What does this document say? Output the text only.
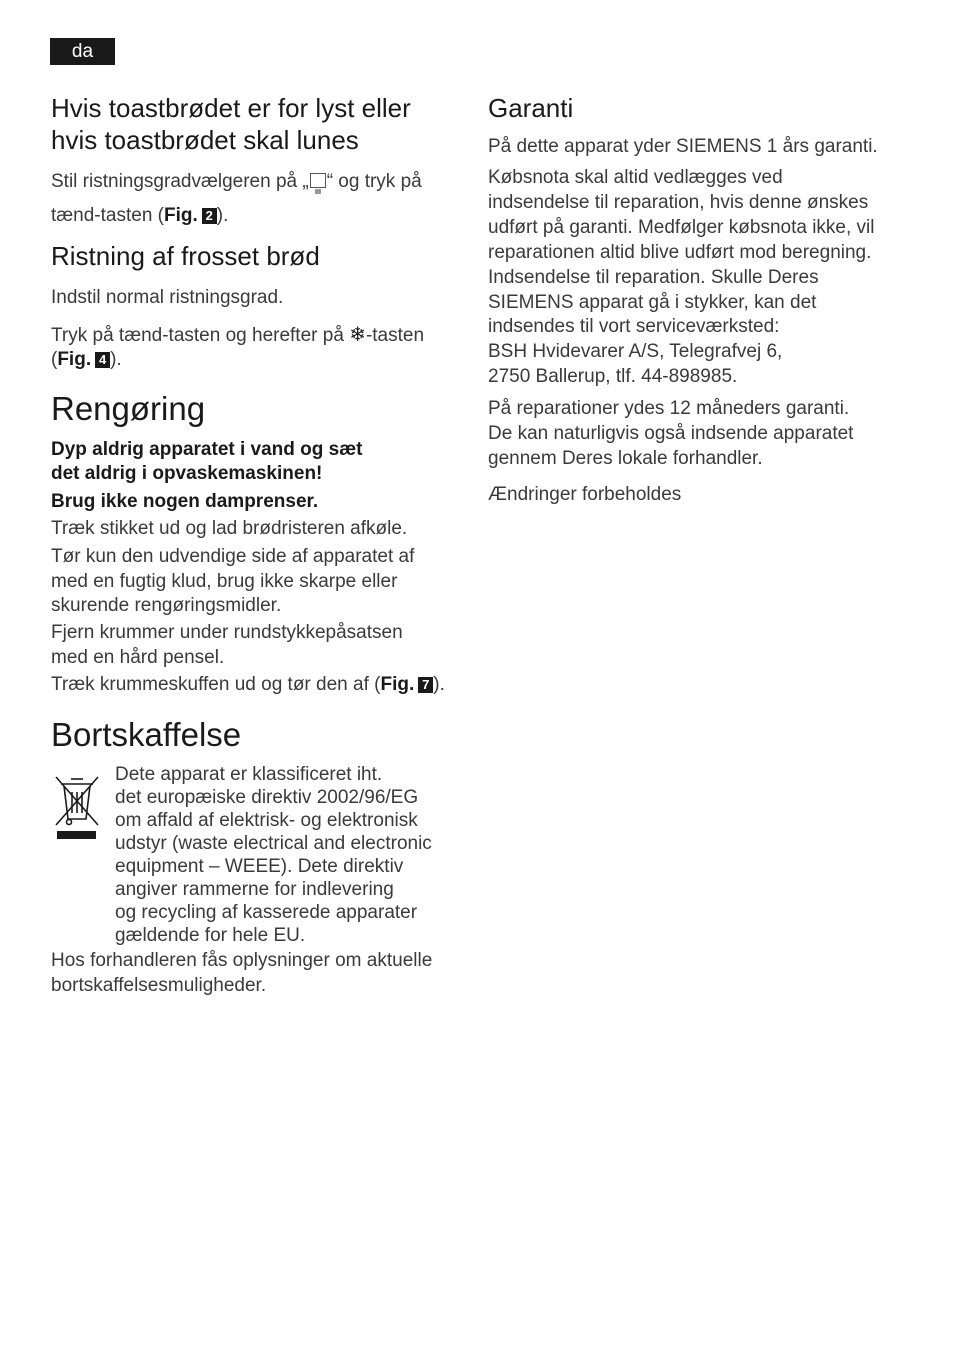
da
Hvis toastbrødet er for lyst eller
hvis toastbrødet skal lunes

Stil ristningsgradvælgeren på „ “ og tryk på

tænd-tasten (Fig. 2 ).

Ristning af frosset brød

Indstil normal ristningsgrad.

Tryk på tænd-tasten og herefter på ❄-tasten

(Fig. 4 ).

Rengøring

Dyp aldrig apparatet i vand og sæt
det aldrig i opvaskemaskinen!

Brug ikke nogen damprenser.

Træk stikket ud og lad brødristeren afkøle.

Tør kun den udvendige side af apparatet af
med en fugtig klud, brug ikke skarpe eller
skurende rengøringsmidler.

Fjern krummer under rundstykkepåsatsen
med en hård pensel.

Træk krummeskuffen ud og tør den af (Fig. 7 ).

Bortskaffelse
Dete apparat er klassificeret iht.
det europæiske direktiv 2002/96/EG
om affald af elektrisk- og elektronisk
udstyr (waste electrical and electronic
equipment – WEEE). Dete direktiv
angiver rammerne for indlevering
og recycling af kasserede apparater
gældende for hele EU.

Hos forhandleren fås oplysninger om aktuelle
bortskaffelsesmuligheder.

Garanti

På dette apparat yder SIEMENS 1 års garanti.

Købsnota skal altid vedlægges ved
indsendelse til reparation, hvis denne ønskes
udført på garanti. Medfølger købsnota ikke, vil
reparationen altid blive udført mod beregning.
Indsendelse til reparation. Skulle Deres
SIEMENS apparat gå i stykker, kan det
indsendes til vort serviceværksted:
BSH Hvidevarer A/S, Telegrafvej 6,
2750 Ballerup, tlf. 44-898985.
På reparationer ydes 12 måneders garanti.
De kan naturligvis også indsende apparatet
gennem Deres lokale forhandler.

Ændringer forbeholdes
